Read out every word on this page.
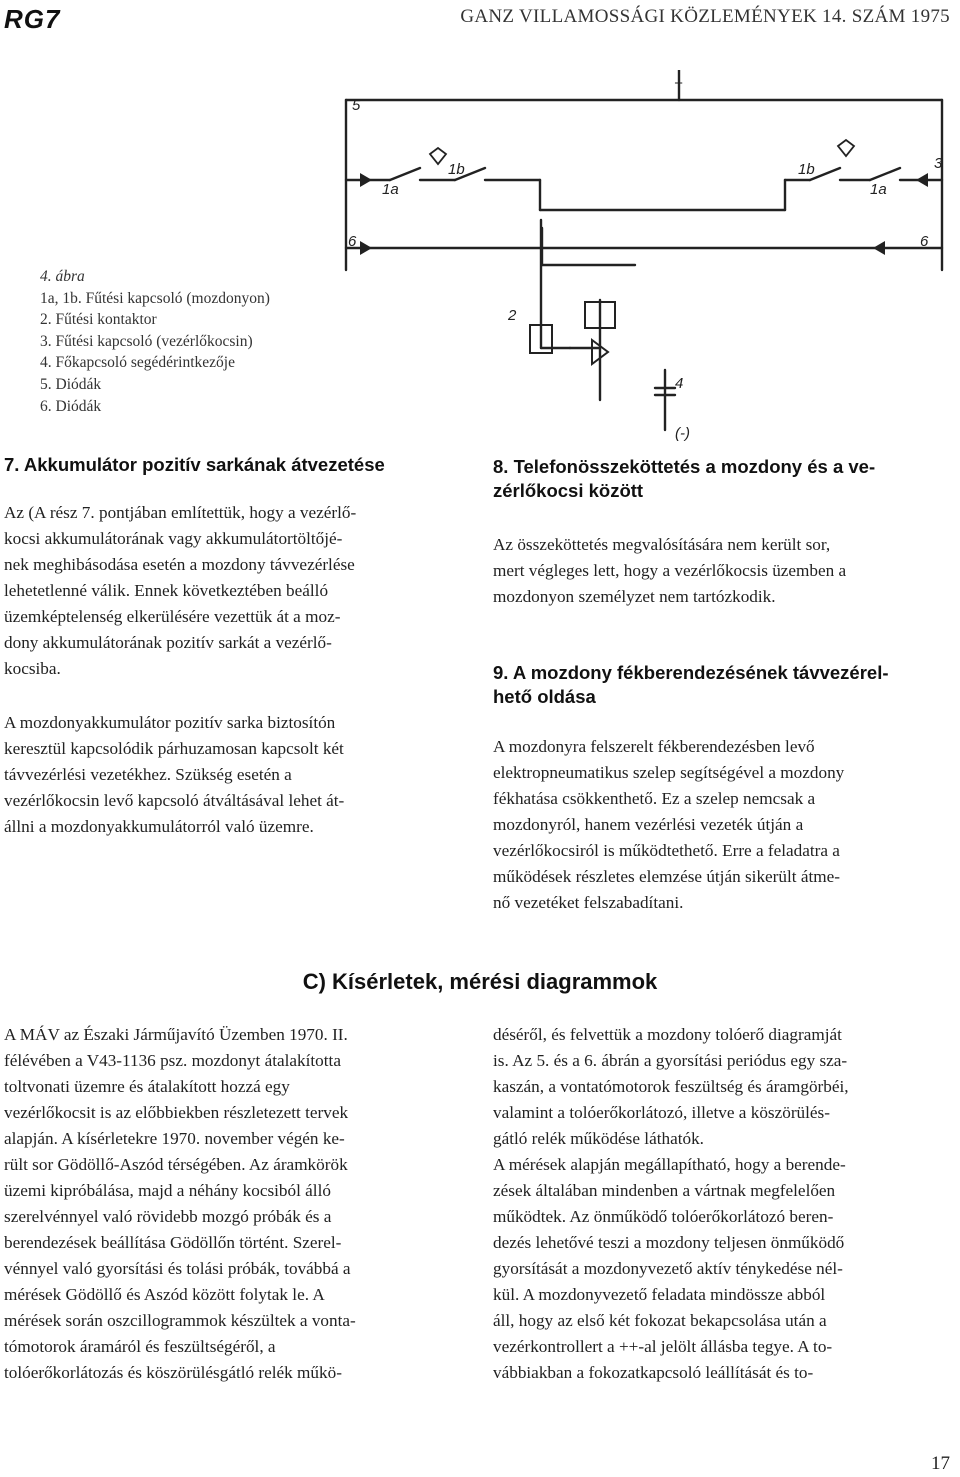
RG7	GANZ VILLAMOSSÁGI KÖZLEMÉNYEK 14. SZÁM 1975
+
5
3
1a
1b	1b
1a
6	6
2
4
(-)
4. ábra
1a, 1b. Fűtési kapcsoló (mozdonyon)
2. Fűtési kontaktor
3. Fűtési kapcsoló (vezérlőkocsin)
4. Főkapcsoló segédérintkezője
5. Diódák
6. Diódák
7. Akkumulátor pozitív sarkának átvezetése
Az (A rész 7. pontjában említettük, hogy a vezérlő-
kocsi akkumulátorának vagy akkumulátortöltőjé-
nek meghibásodása esetén a mozdony távvezérlése
lehetetlenné válik. Ennek következtében beálló
üzemképtelenség elkerülésére vezettük át a moz-
dony akkumulátorának pozitív sarkát a vezérlő-
kocsiba.
A mozdonyakkumulátor pozitív sarka biztosítón
keresztül kapcsolódik párhuzamosan kapcsolt két
távvezérlési vezetékhez. Szükség esetén a
vezérlőkocsin levő kapcsoló átváltásával lehet át-
állni a mozdonyakkumulátorról való üzemre.
8. Telefonösszeköttetés a mozdony és a ve-
zérlőkocsi között
Az összeköttetés megvalósítására nem került sor,
mert végleges lett, hogy a vezérlőkocsis üzemben a
mozdonyon személyzet nem tartózkodik.
9. A mozdony fékberendezésének távvezérel-
hető oldása
A mozdonyra felszerelt fékberendezésben levő
elektropneumatikus szelep segítségével a mozdony
fékhatása csökkenthető. Ez a szelep nemcsak a
mozdonyról, hanem vezérlési vezeték útján a
vezérlőkocsiról is működtethető. Erre a feladatra a
működések részletes elemzése útján sikerült átme-
nő vezetéket felszabadítani.
C) Kísérletek, mérési diagrammok
A MÁV az Északi Járműjavító Üzemben 1970. II.
félévében a V43-1136 psz. mozdonyt átalakította
toltvonati üzemre és átalakított hozzá egy
vezérlőkocsit is az előbbiekben részletezett tervek
alapján. A kísérletekre 1970. november végén ke-
rült sor Gödöllő-Aszód térségében. Az áramkörök
üzemi kipróbálása, majd a néhány kocsiból álló
szerelvénnyel való rövidebb mozgó próbák és a
berendezések beállítása Gödöllőn történt. Szerel-
vénnyel való gyorsítási és tolási próbák, továbbá a
mérések Gödöllő és Aszód között folytak le. A
mérések során oszcillogrammok készültek a vonta-
tómotorok áramáról és feszültségéről, a
tolóerőkorlátozás és köszörülésgátló relék műkö-
déséről, és felvettük a mozdony tolóerő diagramját
is. Az 5. és a 6. ábrán a gyorsítási periódus egy sza-
kaszán, a vontatómotorok feszültség és áramgörbéi,
valamint a tolóerőkorlátozó, illetve a köszörülés-
gátló relék működése láthatók.
A mérések alapján megállapítható, hogy a berende-
zések általában mindenben a vártnak megfelelően
működtek. Az önműködő tolóerőkorlátozó beren-
dezés lehetővé teszi a mozdony teljesen önműködő
gyorsítását a mozdonyvezető aktív ténykedése nél-
kül. A mozdonyvezető feladata mindössze abból
áll, hogy az első két fokozat bekapcsolása után a
vezérkontrollert a ++-al jelölt állásba tegye. A to-
vábbiakban a fokozatkapcsoló leállítását és to-
17
